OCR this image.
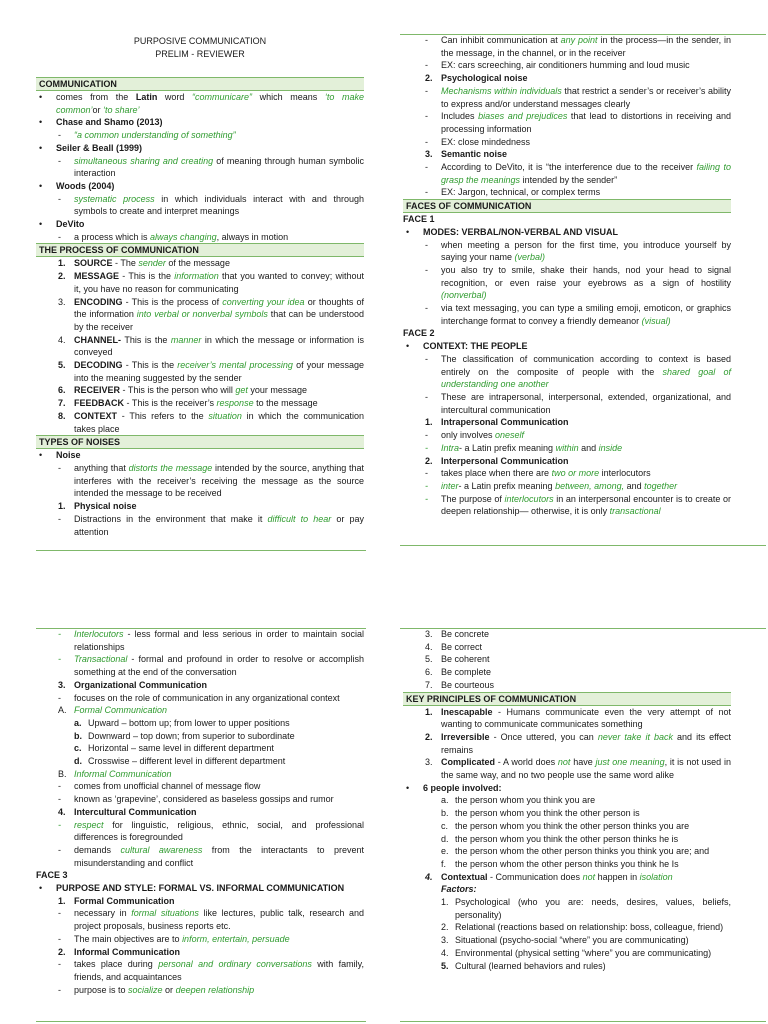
PURPOSIVE COMMUNICATION
PRELIM - REVIEWER
COMMUNICATION
• comes from the Latin word “communicare” which means ‘to make common’or ‘to share’
• Chase and Shamo (2013)
- “a common understanding of something”
• Seiler & Beall (1999)
- simultaneous sharing and creating of meaning through human symbolic interaction
• Woods (2004)
- systematic process in which individuals interact with and through symbols to create and interpret meanings
• DeVito
- a process which is always changing, always in motion
THE PROCESS OF COMMUNICATION
1. SOURCE - The sender of the message
2. MESSAGE - This is the information that you wanted to convey; without it, you have no reason for communicating
3. ENCODING - This is the process of converting your idea or thoughts of the information into verbal or nonverbal symbols that can be understood by the receiver
4. CHANNEL- This is the manner in which the message or information is conveyed
5. DECODING - This is the receiver’s mental processing of your message into the meaning suggested by the sender
6. RECEIVER - This is the person who will get your message
7. FEEDBACK - This is the receiver’s response to the message
8. CONTEXT - This refers to the situation in which the communication takes place
TYPES OF NOISES
• Noise
- anything that distorts the message intended by the source, anything that interferes with the receiver’s receiving the message as the source intended the message to be received
1. Physical noise
- Distractions in the environment that make it difficult to hear or pay attention
- Can inhibit communication at any point in the process—in the sender, in the message, in the channel, or in the receiver
- EX: cars screeching, air conditioners humming and loud music
2. Psychological noise
- Mechanisms within individuals that restrict a sender’s or receiver’s ability to express and/or understand messages clearly
- Includes biases and prejudices that lead to distortions in receiving and processing information
- EX: close mindedness
3. Semantic noise
- According to DeVito, it is “the interference due to the receiver failing to grasp the meanings intended by the sender”
- EX: Jargon, technical, or complex terms
FACES OF COMMUNICATION
FACE 1
• MODES: VERBAL/NON-VERBAL AND VISUAL
- when meeting a person for the first time, you introduce yourself by saying your name (verbal)
- you also try to smile, shake their hands, nod your head to signal recognition, or even raise your eyebrows as a sign of hostility (nonverbal)
- via text messaging, you can type a smiling emoji, emoticon, or graphics interchange format to convey a friendly demeanor (visual)
FACE 2
• CONTEXT: THE PEOPLE
- The classification of communication according to context is based entirely on the composite of people with the shared goal of understanding one another
- These are intrapersonal, interpersonal, extended, organizational, and intercultural communication
1. Intrapersonal Communication
- only involves oneself
- Intra- a Latin prefix meaning within and inside
2. Interpersonal Communication
- takes place when there are two or more interlocutors
- inter- a Latin prefix meaning between, among, and together
- The purpose of interlocutors in an interpersonal encounter is to create or deepen relationship— otherwise, it is only transactional
- Interlocutors - less formal and less serious in order to maintain social relationships
- Transactional - formal and profound in order to resolve or accomplish something at the end of the conversation
3. Organizational Communication
- focuses on the role of communication in any organizational context
A. Formal Communication
a. Upward – bottom up; from lower to upper positions
b. Downward – top down; from superior to subordinate
c. Horizontal – same level in different department
d. Crosswise – different level in different department
B. Informal Communication
- comes from unofficial channel of message flow
- known as ‘grapevine’, considered as baseless gossips and rumor
4. Intercultural Communication
- respect for linguistic, religious, ethnic, social, and professional differences is foregrounded
- demands cultural awareness from the interactants to prevent misunderstanding and conflict
FACE 3
• PURPOSE AND STYLE: FORMAL VS. INFORMAL COMMUNICATION
1. Formal Communication
- necessary in formal situations like lectures, public talk, research and project proposals, business reports etc.
- The main objectives are to inform, entertain, persuade
2. Informal Communication
- takes place during personal and ordinary conversations with family, friends, and acquaintances
- purpose is to socialize or deepen relationship
3. Be concrete
4. Be correct
5. Be coherent
6. Be complete
7. Be courteous
KEY PRINCIPLES OF COMMUNICATION
1. Inescapable - Humans communicate even the very attempt of not wanting to communicate communicates something
2. Irreversible - Once uttered, you can never take it back and its effect remains
3. Complicated - A world does not have just one meaning, it is not used in the same way, and no two people use the same word alike
• 6 people involved:
a. the person whom you think you are
b. the person whom you think the other person is
c. the person whom you think the other person thinks you are
d. the person whom you think the other person thinks he is
e. the person whom the other person thinks you think you are; and
f. the person whom the other person thinks you think he Is
4. Contextual - Communication does not happen in isolation
Factors:
1. Psychological (who you are: needs, desires, values, beliefs, personality)
2. Relational (reactions based on relationship: boss, colleague, friend)
3. Situational (psycho-social “where” you are communicating)
4. Environmental (physical setting “where” you are communicating)
5. Cultural (learned behaviors and rules)
